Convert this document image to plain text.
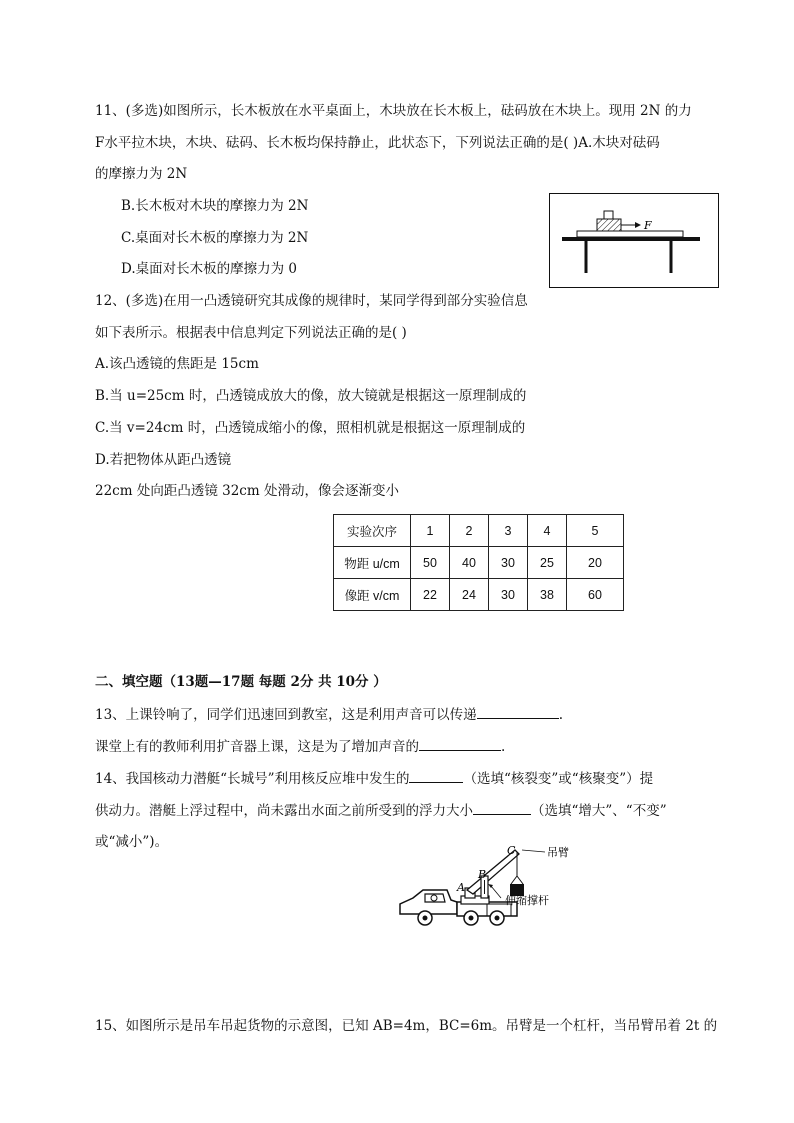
11、(多选)如图所示，长木板放在水平桌面上，木块放在长木板上，砝码放在木块上。现用 2N 的力
F水平拉木块，木块、砝码、长木板均保持静止，此状态下，下列说法正确的是( )A.木块对砝码
的摩擦力为 2N
B.长木板对木块的摩擦力为 2N
C.桌面对长木板的摩擦力为 2N
D.桌面对长木板的摩擦力为 0
F
12、(多选)在用一凸透镜研究其成像的规律时，某同学得到部分实验信息
如下表所示。根据表中信息判定下列说法正确的是( )
A.该凸透镜的焦距是 15cm
B.当 u=25cm 时，凸透镜成放大的像，放大镜就是根据这一原理制成的
C.当 v=24cm 时，凸透镜成缩小的像，照相机就是根据这一原理制成的
D.若把物体从距凸透镜
22cm 处向距凸透镜 32cm 处滑动，像会逐渐变小
实验次序	1	2	3	4	5
物距 u/cm	50	40	30	25	20
像距 v/cm	22	24	30	38	60
二、填空题（13题—17题 每题 2分 共 10分 ）
13、上课铃响了，同学们迅速回到教室，这是利用声音可以传递	.
课堂上有的教师利用扩音器上课，这是为了增加声音的	.
14、我国核动力潜艇“长城号”利用核反应堆中发生的	（选填“核裂变”或“核聚变”）提
供动力。潜艇上浮过程中，尚未露出水面之前所受到的浮力大小	（选填“增大”、“不变”
或“减小”)。
A
B
C	吊臂
伸缩撑杆
15、如图所示是吊车吊起货物的示意图，已知 AB=4m，BC=6m。吊臂是一个杠杆，当吊臂吊着 2t 的
